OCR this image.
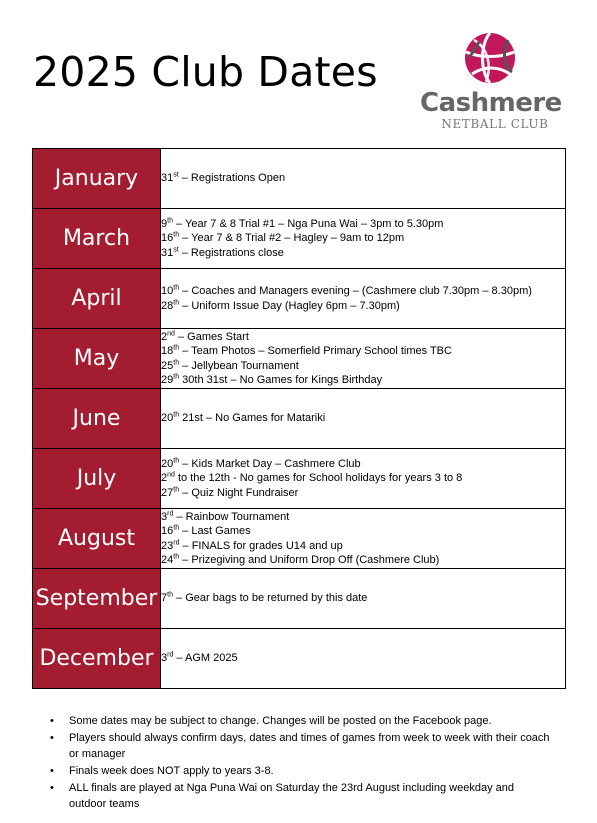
2025 Club Dates
Cashmere
NETBALL CLUB
January	31st – Registrations Open

March	9th – Year 7 & 8 Trial #1 – Nga Puna Wai – 3pm to 5.30pm
16th – Year 7 & 8 Trial #2 – Hagley – 9am to 12pm
31st – Registrations close

April	10th – Coaches and Managers evening – (Cashmere club 7.30pm – 8.30pm)
28th – Uniform Issue Day (Hagley 6pm – 7.30pm)

May	2nd – Games Start
18th – Team Photos – Somerfield Primary School times TBC
25th – Jellybean Tournament
29th 30th 31st – No Games for Kings Birthday

June	20th 21st – No Games for Matariki

July	20th – Kids Market Day – Cashmere Club
2nd to the 12th - No games for School holidays for years 3 to 8
27th – Quiz Night Fundraiser

August	3rd – Rainbow Tournament
16th – Last Games
23rd – FINALS for grades U14 and up
24th – Prizegiving and Uniform Drop Off (Cashmere Club)

September	7th – Gear bags to be returned by this date

December	3rd – AGM 2025
• Some dates may be subject to change. Changes will be posted on the Facebook page.
• Players should always confirm days, dates and times of games from week to week with their coach or manager
• Finals week does NOT apply to years 3-8.
• ALL finals are played at Nga Puna Wai on Saturday the 23rd August including weekday and outdoor teams
